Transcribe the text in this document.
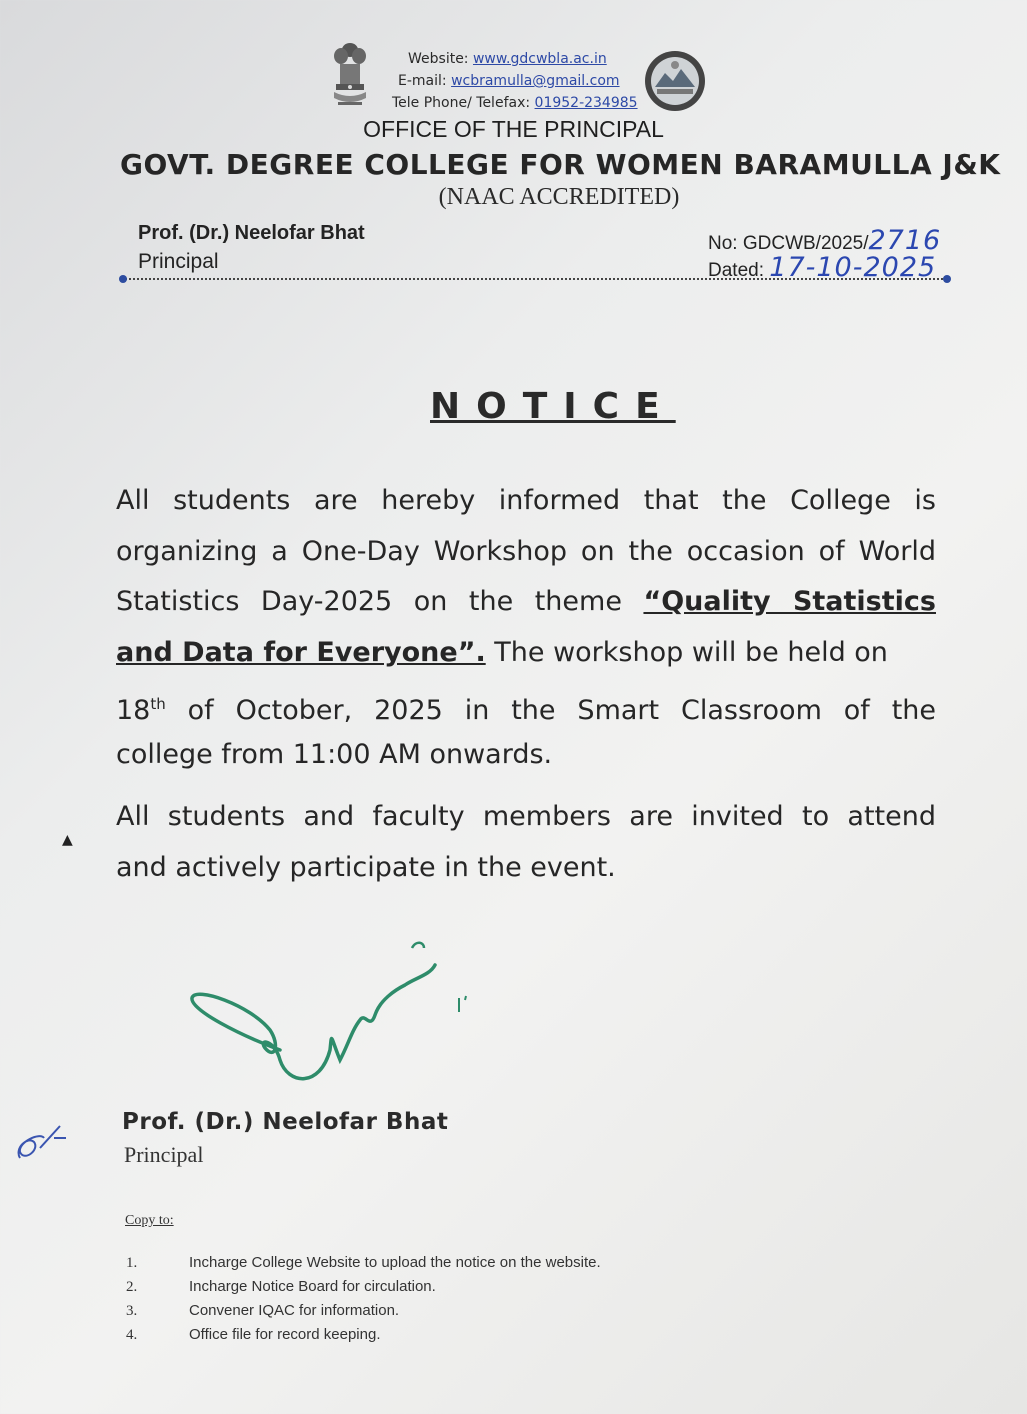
Website: www.gdcwbla.ac.in
E-mail: wcbramulla@gmail.com
Tele Phone/ Telefax: 01952-234985
OFFICE OF THE PRINCIPAL
GOVT. DEGREE COLLEGE FOR WOMEN BARAMULLA J&K
(NAAC ACCREDITED)
Prof. (Dr.) Neelofar Bhat
Principal
No: GDCWB/2025/2716
Dated: 17-10-2025
NOTICE
All students are hereby informed that the College is
organizing a One-Day Workshop on the occasion of World
Statistics Day-2025 on the theme “Quality Statistics
and Data for Everyone”. The workshop will be held on
18th of October, 2025 in the Smart Classroom of the
college from 11:00 AM onwards.
All students and faculty members are invited to attend
and actively participate in the event.
▲
Prof. (Dr.) Neelofar Bhat
Principal
Copy to:
1.	Incharge College Website to upload the notice on the website.
2.	Incharge Notice Board for circulation.
3.	Convener IQAC for information.
4.	Office file for record keeping.
